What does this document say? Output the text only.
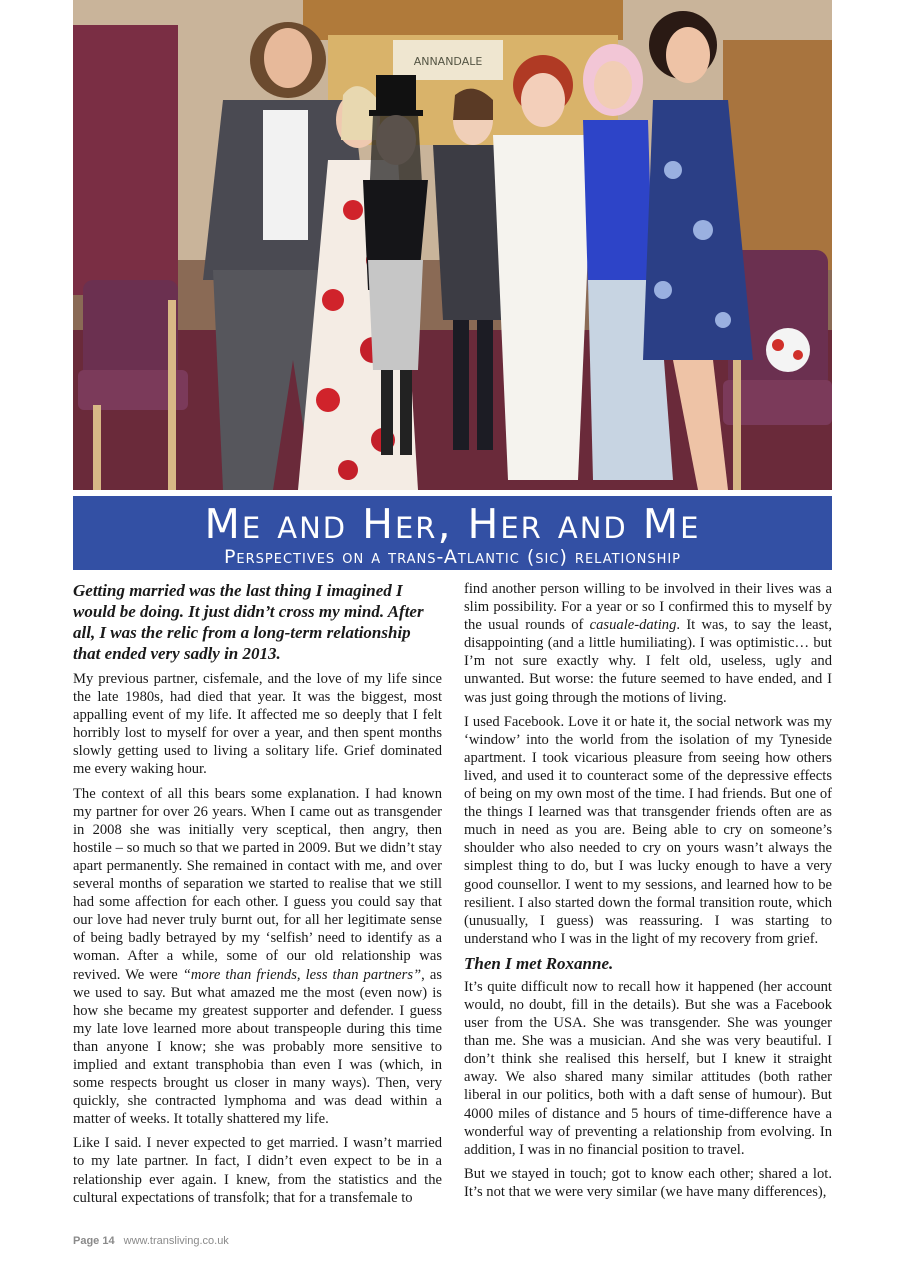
ANNANDALE
Me and Her, Her and Me
Perspectives on a trans-Atlantic (sic) relationship

Getting married was the last thing I imagined I would be doing. It just didn’t cross my mind. After all, I was the relic from a long-term relationship that ended very sadly in 2013.

My previous partner, cisfemale, and the love of my life since the late 1980s, had died that year. It was the biggest, most appalling event of my life. It affected me so deeply that I felt horribly lost to myself for over a year, and then spent months slowly getting used to living a solitary life. Grief dominated me every waking hour.

The context of all this bears some explanation. I had known my partner for over 26 years. When I came out as transgender in 2008 she was initially very sceptical, then angry, then hostile – so much so that we parted in 2009. But we didn’t stay apart permanently. She remained in contact with me, and over several months of separation we started to realise that we still had some affection for each other. I guess you could say that our love had never truly burnt out, for all her legitimate sense of being badly betrayed by my ‘selfish’ need to identify as a woman. After a while, some of our old relationship was revived. We were “more than friends, less than partners”, as we used to say. But what amazed me the most (even now) is how she became my greatest supporter and defender. I guess my late love learned more about transpeople during this time than anyone I know; she was probably more sensitive to implied and extant transphobia than even I was (which, in some respects brought us closer in many ways). Then, very quickly, she contracted lymphoma and was dead within a matter of weeks. It totally shattered my life.

Like I said. I never expected to get married. I wasn’t married to my late partner. In fact, I didn’t even expect to be in a relationship ever again. I knew, from the statistics and the cultural expectations of transfolk; that for a transfemale to

find another person willing to be involved in their lives was a slim possibility. For a year or so I confirmed this to myself by the usual rounds of casuale-dating. It was, to say the least, disappointing (and a little humiliating). I was optimistic… but I’m not sure exactly why. I felt old, useless, ugly and unwanted. But worse: the future seemed to have ended, and I was just going through the motions of living.

I used Facebook. Love it or hate it, the social network was my ‘window’ into the world from the isolation of my Tyneside apartment. I took vicarious pleasure from seeing how others lived, and used it to counteract some of the depressive effects of being on my own most of the time. I had friends. But one of the things I learned was that transgender friends often are as much in need as you are. Being able to cry on someone’s shoulder who also needed to cry on yours wasn’t always the simplest thing to do, but I was lucky enough to have a very good counsellor. I went to my sessions, and learned how to be resilient. I also started down the formal transition route, which (unusually, I guess) was reassuring. I was starting to understand who I was in the light of my recovery from grief.

Then I met Roxanne.

It’s quite difficult now to recall how it happened (her account would, no doubt, fill in the details). But she was a Facebook user from the USA. She was transgender. She was younger than me. She was a musician. And she was very beautiful. I don’t think she realised this herself, but I knew it straight away. We also shared many similar attitudes (both rather liberal in our politics, both with a daft sense of humour). But 4000 miles of distance and 5 hours of time-difference have a wonderful way of preventing a relationship from evolving. In addition, I was in no financial position to travel.

But we stayed in touch; got to know each other; shared a lot. It’s not that we were very similar (we have many differences),

Page 14 www.transliving.co.uk
